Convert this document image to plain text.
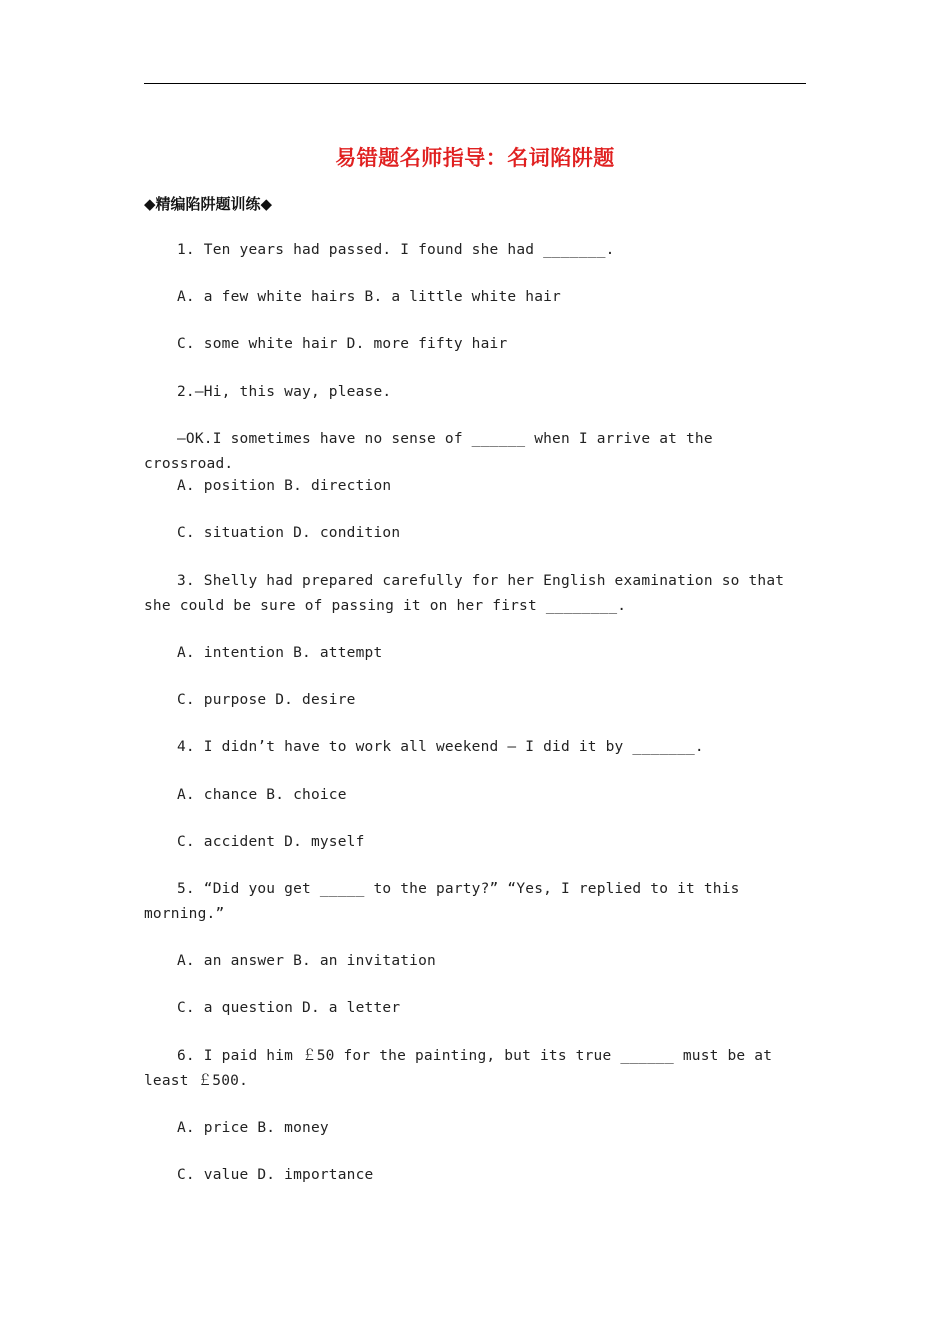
易错题名师指导：名词陷阱题
◆精编陷阱题训练◆
1. Ten years had passed. I found she had _______.
A. a few white hairs B. a little white hair
C. some white hair D. more fifty hair
2.—Hi, this way, please.
—OK.I sometimes have no sense of ______ when I arrive at the crossroad.
A. position B. direction
C. situation D. condition
3. Shelly had prepared carefully for her English examination so that she could be sure of passing it on her first ________.
A. intention B. attempt
C. purpose D. desire
4. I didn’t have to work all weekend — I did it by _______.
A. chance B. choice
C. accident D. myself
5. “Did you get _____ to the party?” “Yes, I replied to it this morning.”
A. an answer B. an invitation
C. a question D. a letter
6. I paid him ￡50 for the painting, but its true ______ must be at least ￡500.
A. price B. money
C. value D. importance
